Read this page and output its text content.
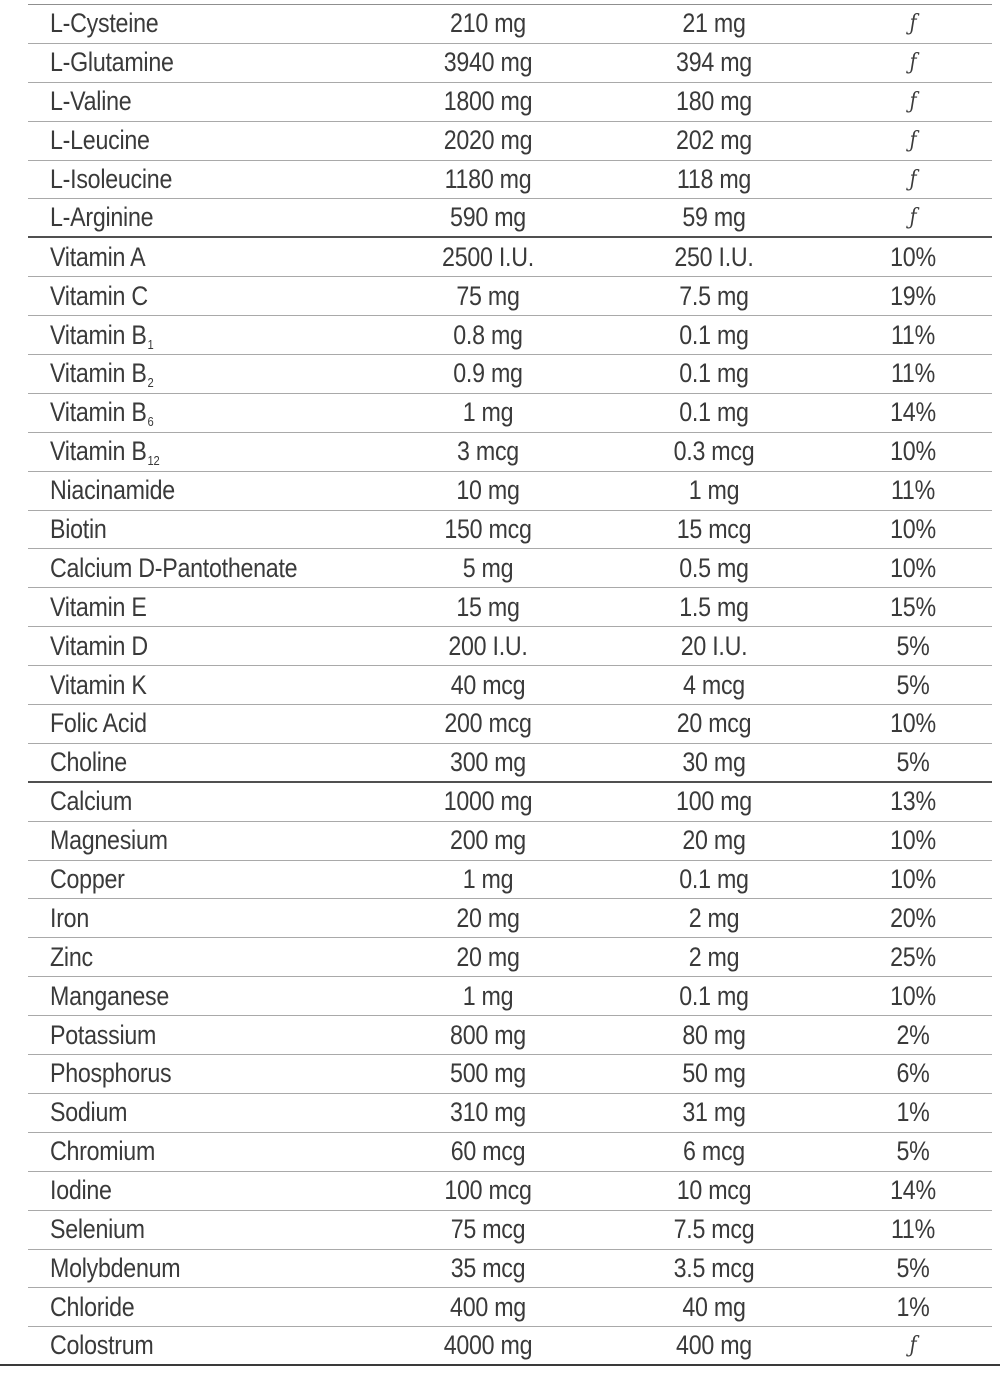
L-Cysteine	210 mg	21 mg	ƒ
L-Glutamine	3940 mg	394 mg	ƒ
L-Valine	1800 mg	180 mg	ƒ
L-Leucine	2020 mg	202 mg	ƒ
L-Isoleucine	1180 mg	118 mg	ƒ
L-Arginine	590 mg	59 mg	ƒ
Vitamin A	2500 I.U.	250 I.U.	10%
Vitamin C	75 mg	7.5 mg	19%
Vitamin B 1	0.8 mg	0.1 mg	11%
Vitamin B 2	0.9 mg	0.1 mg	11%
Vitamin B 6	1 mg	0.1 mg	14%
Vitamin B 12	3 mcg	0.3 mcg	10%
Niacinamide	10 mg	1 mg	11%
Biotin	150 mcg	15 mcg	10%
Calcium D-Pantothenate	5 mg	0.5 mg	10%
Vitamin E	15 mg	1.5 mg	15%
Vitamin D	200 I.U.	20 I.U.	5%
Vitamin K	40 mcg	4 mcg	5%
Folic Acid	200 mcg	20 mcg	10%
Choline	300 mg	30 mg	5%
Calcium	1000 mg	100 mg	13%
Magnesium	200 mg	20 mg	10%
Copper	1 mg	0.1 mg	10%
Iron	20 mg	2 mg	20%
Zinc	20 mg	2 mg	25%
Manganese	1 mg	0.1 mg	10%
Potassium	800 mg	80 mg	2%
Phosphorus	500 mg	50 mg	6%
Sodium	310 mg	31 mg	1%
Chromium	60 mcg	6 mcg	5%
Iodine	100 mcg	10 mcg	14%
Selenium	75 mcg	7.5 mcg	11%
Molybdenum	35 mcg	3.5 mcg	5%
Chloride	400 mg	40 mg	1%
Colostrum	4000 mg	400 mg	ƒ
